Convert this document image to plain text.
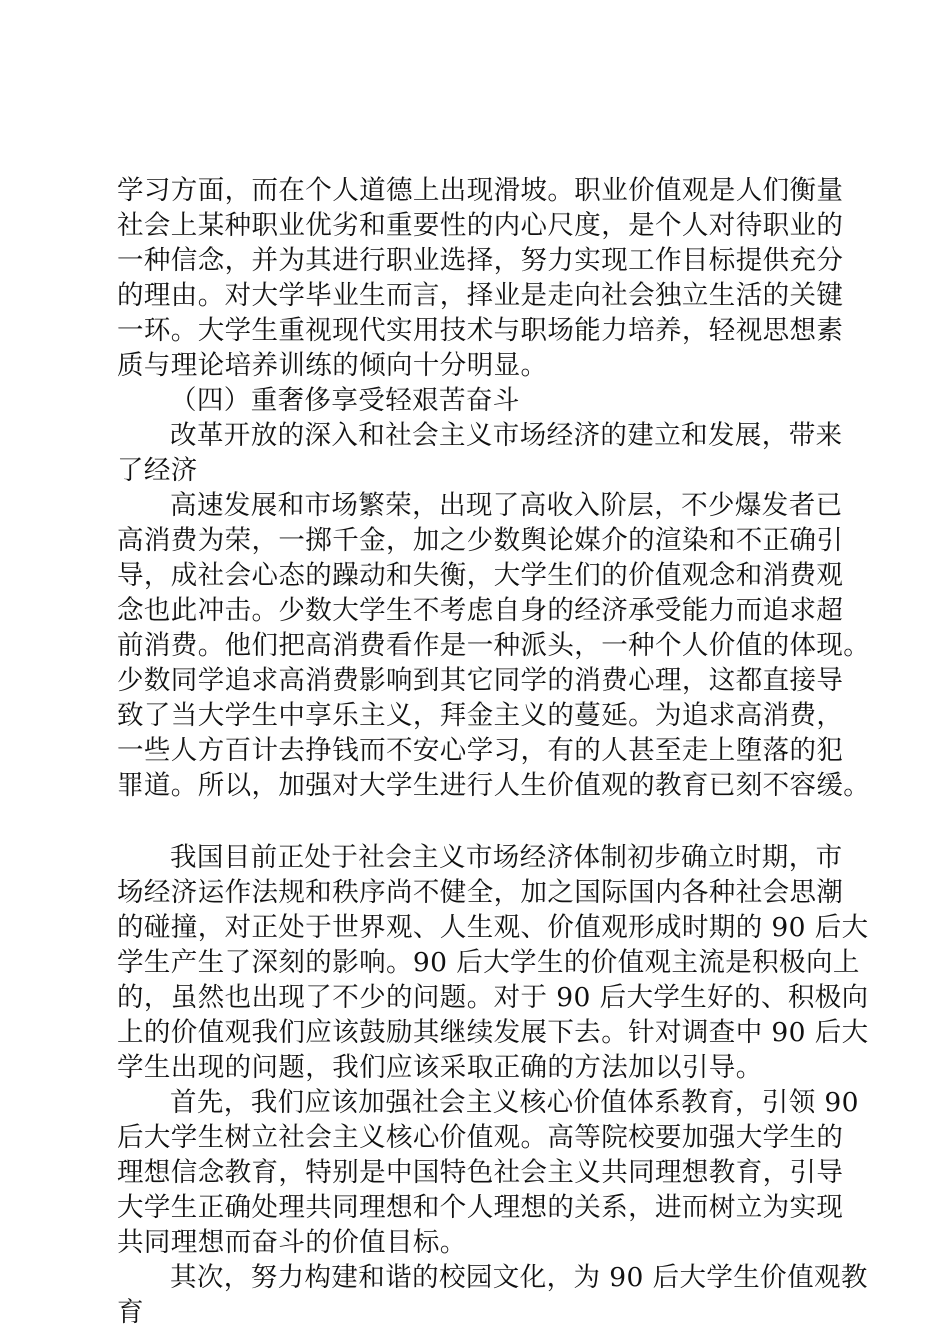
学习方面，而在个人道德上出现滑坡。职业价值观是人们衡量
社会上某种职业优劣和重要性的内心尺度，是个人对待职业的
一种信念，并为其进行职业选择，努力实现工作目标提供充分
的理由。对大学毕业生而言，择业是走向社会独立生活的关键
一环。大学生重视现代实用技术与职场能力培养，轻视思想素
质与理论培养训练的倾向十分明显。
（四）重奢侈享受轻艰苦奋斗
改革开放的深入和社会主义市场经济的建立和发展，带来
了经济
高速发展和市场繁荣，出现了高收入阶层，不少爆发者已
高消费为荣，一掷千金，加之少数舆论媒介的渲染和不正确引
导，成社会心态的躁动和失衡，大学生们的价值观念和消费观
念也此冲击。少数大学生不考虑自身的经济承受能力而追求超
前消费。他们把高消费看作是一种派头，一种个人价值的体现。
少数同学追求高消费影响到其它同学的消费心理，这都直接导
致了当大学生中享乐主义，拜金主义的蔓延。为追求高消费，
一些人方百计去挣钱而不安心学习，有的人甚至走上堕落的犯
罪道。所以，加强对大学生进行人生价值观的教育已刻不容缓。
我国目前正处于社会主义市场经济体制初步确立时期，市
场经济运作法规和秩序尚不健全，加之国际国内各种社会思潮
的碰撞，对正处于世界观、人生观、价值观形成时期的 90 后大
学生产生了深刻的影响。90 后大学生的价值观主流是积极向上
的，虽然也出现了不少的问题。对于 90 后大学生好的、积极向
上的价值观我们应该鼓励其继续发展下去。针对调查中 90 后大
学生出现的问题，我们应该采取正确的方法加以引导。
首先，我们应该加强社会主义核心价值体系教育，引领 90
后大学生树立社会主义核心价值观。高等院校要加强大学生的
理想信念教育，特别是中国特色社会主义共同理想教育，引导
大学生正确处理共同理想和个人理想的关系，进而树立为实现
共同理想而奋斗的价值目标。
其次，努力构建和谐的校园文化，为 90 后大学生价值观教
育
